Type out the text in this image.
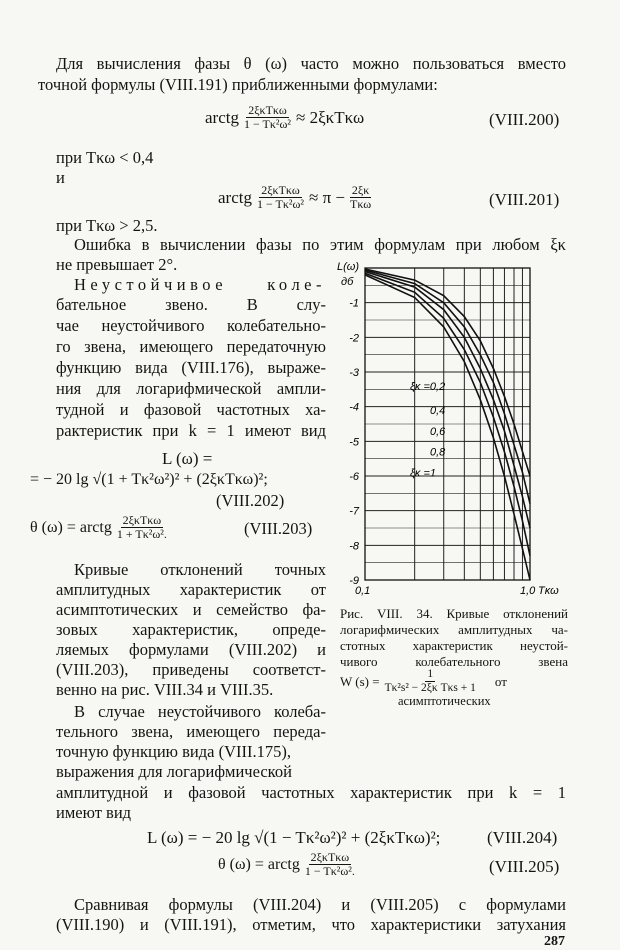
Для вычисления фазы θ (ω) часто можно пользоваться вместо
точной формулы (VIII.191) приближенными формулами:
arctg $\frac{\text{2ξκTκω}}{\text{1 − Tκ²ω²}} \approx 2\xi\kappa T\kappa\omega$	(VIII.200)
при Tκω < 0,4
и
arctg $\frac{\text{2ξκTκω}}{\text{1 − Tκ²ω²}} \approx \pi - \frac{2\xi\kappa}{\text{Tκω}}$	(VIII.201)
при Tκω > 2,5.
Ошибка в вычислении фазы по этим формулам при любом ξκ
не превышает 2°.
Неустойчивое коле-
бательное звено. В слу-
чае неустойчивого колебательно-
го звена, имеющего передаточную
функцию вида (VIII.176), выраже-
ния для логарифмической ампли-
тудной и фазовой частотных ха-
рактеристик при k = 1 имеют вид
L (ω) =
= − 20 lg √(1 + Tκ²ω²)² + (2ξκTκω)²;
(VIII.202)
θ (ω) = arctg $\frac{\text{2ξκTκω}}{\text{1 + Tκ²ω².}}$	(VIII.203)
Кривые отклонений точных
амплитудных характеристик от
асимптотических и семейство фа-
зовых характеристик, опреде-
ляемых формулами (VIII.202) и
(VIII.203), приведены соответст-
венно на рис. VIII.34 и VIII.35.
В случае неустойчивого колеба-
тельного звена, имеющего переда-
точную функцию вида (VIII.175),
выражения для логарифмической
амплитудной и фазовой частотных характеристик при k = 1
имеют вид
L (ω) = − 20 lg √(1 − Tκ²ω²)² + (2ξκTκω)²;	(VIII.204)
θ (ω) = arctg $\frac{\text{2ξκTκω}}{\text{1 − Tκ²ω².}}$	(VIII.205)
Сравнивая формулы (VIII.204) и (VIII.205) с формулами
(VIII.190) и (VIII.191), отметим, что характеристики затухания
287
-1
-2
-3
-4
-5
-6
-7
-8
-9
L(ω)
дб
0,1	1,0 Tκω
ξκ =0,2
0,4
0,6
0,8
ξκ =1
Рис. VIII. 34. Кривые отклонений
логарифмических амплитудных ча-
стотных характеристик неустой-
чивого колебательного звена
W $(s) = \frac{1}{\text{Tκ²s² − 2ξκ Tκs + 1}}$ от
асимптотических
